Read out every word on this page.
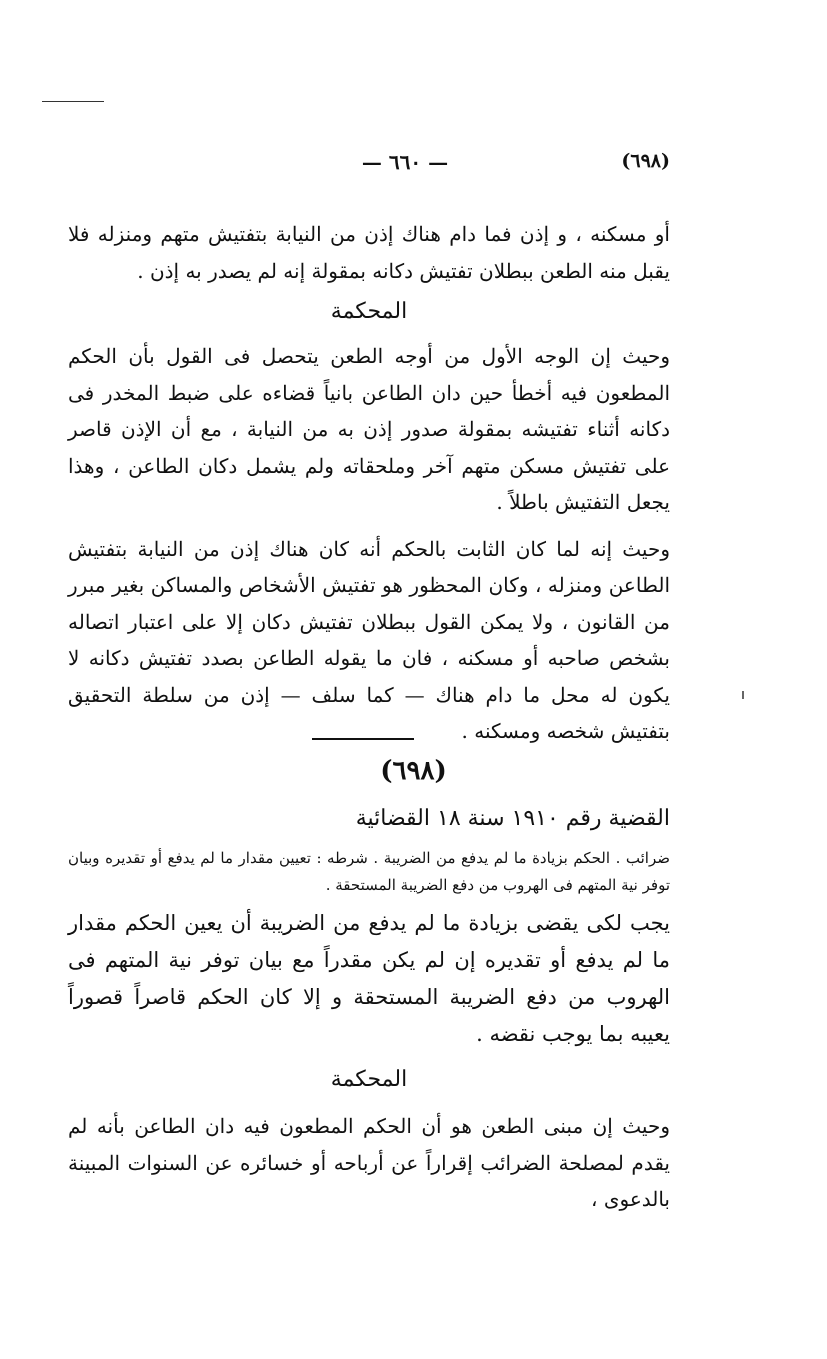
— ٦٦٠ —	(٦٩٨)

أو مسكنه ، و إذن فما دام هناك إذن من النيابة بتفتيش متهم ومنزله فلا يقبل منه الطعن ببطلان تفتيش دكانه بمقولة إنه لم يصدر به إذن .

المحكمة

وحيث إن الوجه الأول من أوجه الطعن يتحصل فى القول بأن الحكم المطعون فيه أخطأ حين دان الطاعن بانياً قضاءه على ضبط المخدر فى دكانه أثناء تفتيشه بمقولة صدور إذن به من النيابة ، مع أن الإذن قاصر على تفتيش مسكن متهم آخر وملحقاته ولم يشمل دكان الطاعن ، وهذا يجعل التفتيش باطلاً .

وحيث إنه لما كان الثابت بالحكم أنه كان هناك إذن من النيابة بتفتيش الطاعن ومنزله ، وكان المحظور هو تفتيش الأشخاص والمساكن بغير مبرر من القانون ، ولا يمكن القول ببطلان تفتيش دكان إلا على اعتبار اتصاله بشخص صاحبه أو مسكنه ، فان ما يقوله الطاعن بصدد تفتيش دكانه لا يكون له محل ما دام هناك — كما سلف — إذن من سلطة التحقيق بتفتيش شخصه ومسكنه .

(٦٩٨)

القضية رقم ١٩١٠ سنة ١٨ القضائية

ضرائب . الحكم بزيادة ما لم يدفع من الضريبة . شرطه : تعيين مقدار ما لم يدفع أو تقديره وبيان توفر نية المتهم فى الهروب من دفع الضريبة المستحقة .

يجب لكى يقضى بزيادة ما لم يدفع من الضريبة أن يعين الحكم مقدار ما لم يدفع أو تقديره إن لم يكن مقدراً مع بيان توفر نية المتهم فى الهروب من دفع الضريبة المستحقة و إلا كان الحكم قاصراً قصوراً يعيبه بما يوجب نقضه .

المحكمة

وحيث إن مبنى الطعن هو أن الحكم المطعون فيه دان الطاعن بأنه لم يقدم لمصلحة الضرائب إقراراً عن أرباحه أو خسائره عن السنوات المبينة بالدعوى ،
